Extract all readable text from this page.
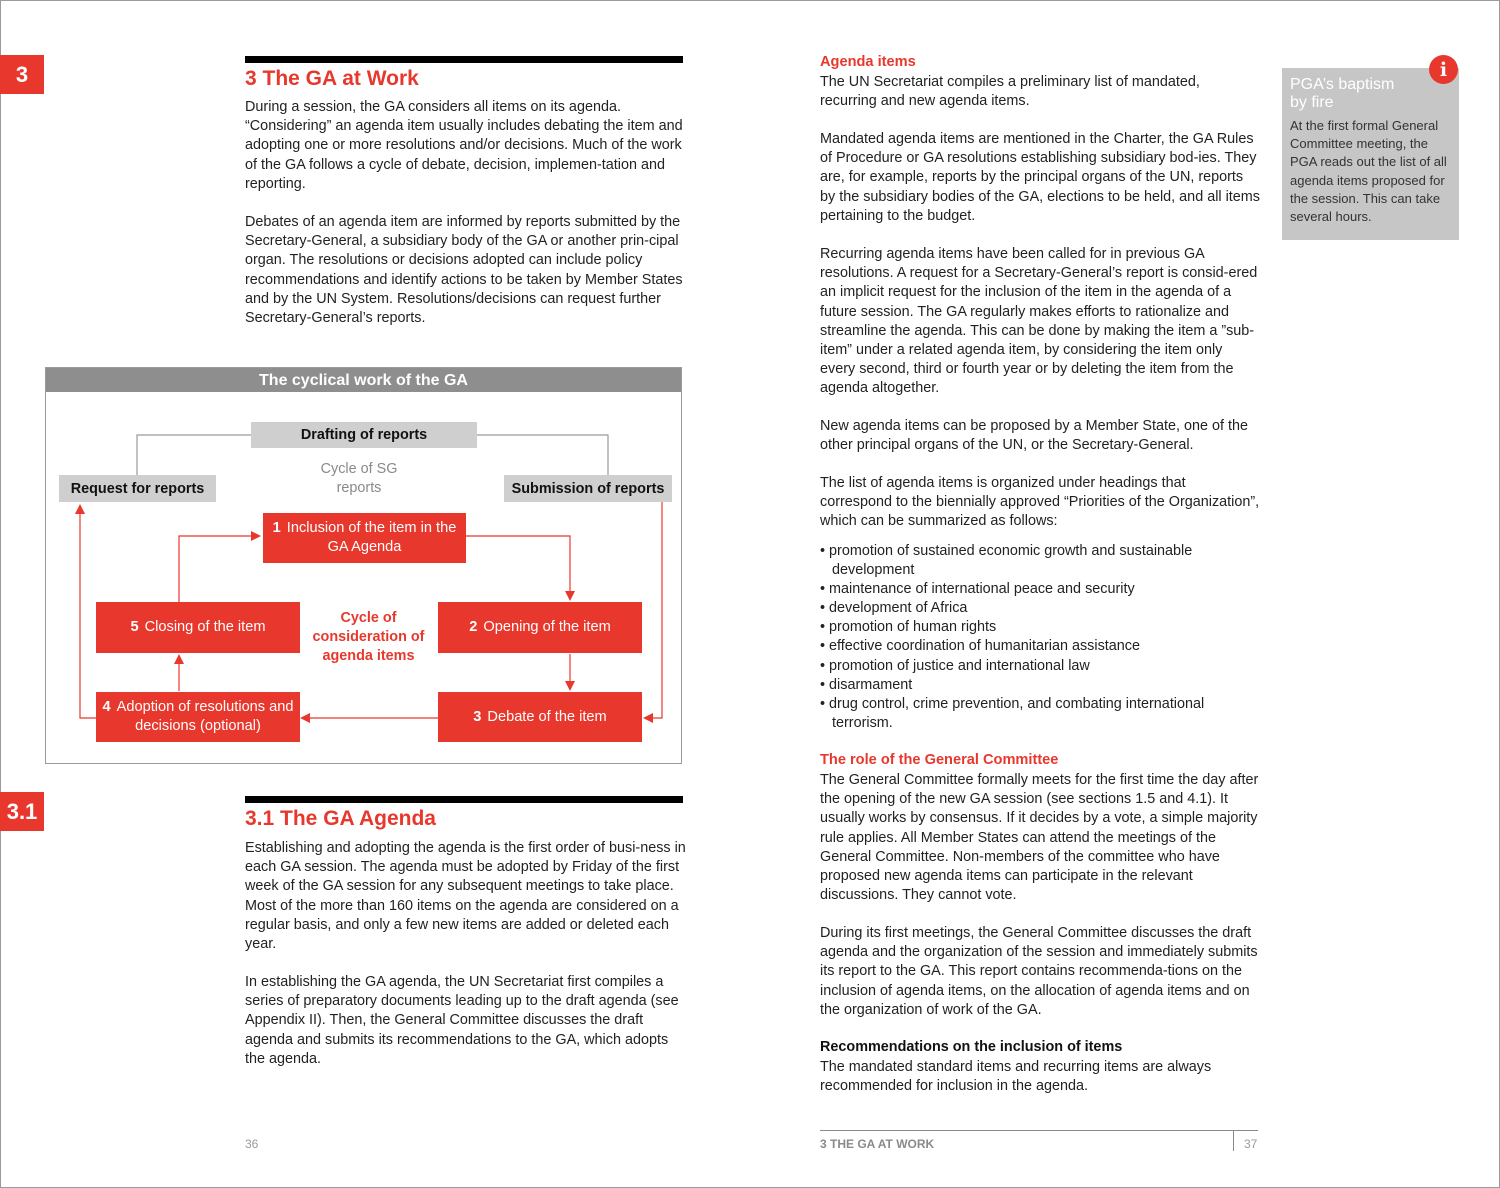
3
3.1
3 The GA at Work

During a session, the GA considers all items on its agenda. “Considering” an agenda item usually includes debating the item and adopting one or more resolutions and/or decisions. Much of the work of the GA follows a cycle of debate, decision, implemen-tation and reporting.

Debates of an agenda item are informed by reports submitted by the Secretary-General, a subsidiary body of the GA or another prin-cipal organ. The resolutions or decisions adopted can include policy recommendations and identify actions to be taken by Member States and by the UN System. Resolutions/decisions can request further Secretary-General’s reports.

The cyclical work of the GA
Drafting of reports
Request for reports	Submission of reports
Cycle of SG reports
Cycle of consideration of agenda items
1 Inclusion of the item in the GA Agenda
2 Opening of the item
3 Debate of the item
4 Adoption of resolutions and decisions (optional)
5 Closing of the item
3.1 The GA Agenda

Establishing and adopting the agenda is the first order of busi-ness in each GA session. The agenda must be adopted by Friday of the first week of the GA session for any subsequent meetings to take place. Most of the more than 160 items on the agenda are considered on a regular basis, and only a few new items are added or deleted each year.

In establishing the GA agenda, the UN Secretariat first compiles a series of preparatory documents leading up to the draft agenda (see Appendix II). Then, the General Committee discusses the draft agenda and submits its recommendations to the GA, which adopts the agenda.

Agenda items

The UN Secretariat compiles a preliminary list of mandated, recurring and new agenda items.

Mandated agenda items are mentioned in the Charter, the GA Rules of Procedure or GA resolutions establishing subsidiary bod-ies. They are, for example, reports by the principal organs of the UN, reports by the subsidiary bodies of the GA, elections to be held, and all items pertaining to the budget.

Recurring agenda items have been called for in previous GA resolutions. A request for a Secretary-General’s report is consid-ered an implicit request for the inclusion of the item in the agenda of a future session. The GA regularly makes efforts to rationalize and streamline the agenda. This can be done by making the item a ”sub-item” under a related agenda item, by considering the item only every second, third or fourth year or by deleting the item from the agenda altogether.

New agenda items can be proposed by a Member State, one of the other principal organs of the UN, or the Secretary-General.

The list of agenda items is organized under headings that correspond to the biennially approved “Priorities of the Organization”, which can be summarized as follows:

• promotion of sustained economic growth and sustainable development
• maintenance of international peace and security
• development of Africa
• promotion of human rights
• effective coordination of humanitarian assistance
• promotion of justice and international law
• disarmament
• drug control, crime prevention, and combating international terrorism.
The role of the General Committee

The General Committee formally meets for the first time the day after the opening of the new GA session (see sections 1.5 and 4.1). It usually works by consensus. If it decides by a vote, a simple majority rule applies. All Member States can attend the meetings of the General Committee. Non-members of the committee who have proposed new agenda items can participate in the relevant discussions. They cannot vote.

During its first meetings, the General Committee discusses the draft agenda and the organization of the session and immediately submits its report to the GA. This report contains recommenda-tions on the inclusion of agenda items, on the allocation of agenda items and on the organization of work of the GA.

Recommendations on the inclusion of items

The mandated standard items and recurring items are always recommended for inclusion in the agenda.

PGA’s baptism by fire
At the first formal General Committee meeting, the PGA reads out the list of all agenda items proposed for the session. This can take several hours.
i
36	3 THE GA AT WORK	37
